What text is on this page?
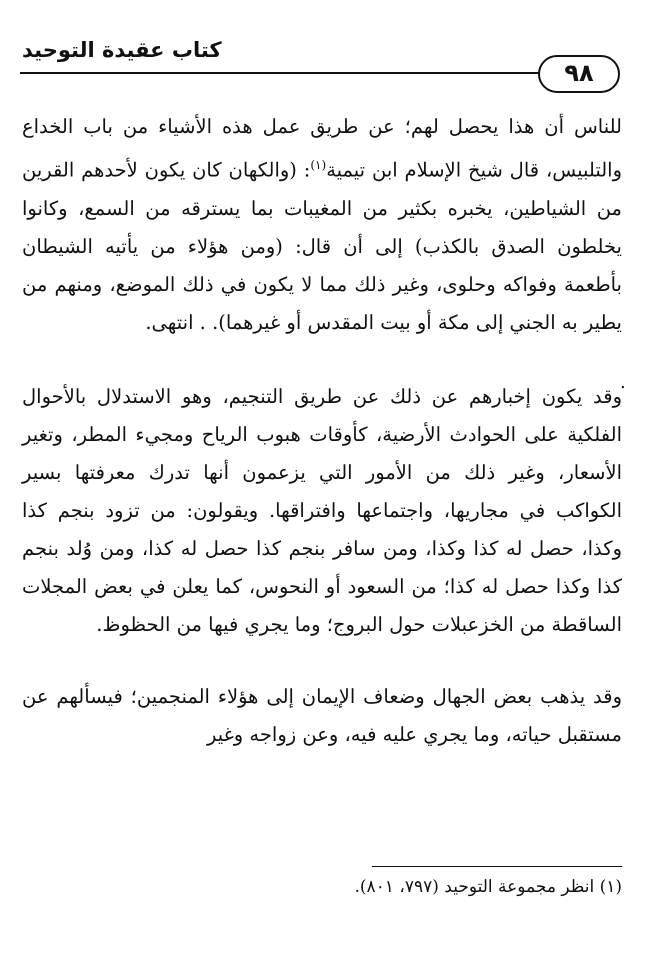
كتاب عقيدة التوحيد
٩٨

للناس أن هذا يحصل لهم؛ عن طريق عمل هذه الأشياء من باب الخداع والتلبيس، قال شيخ الإسلام ابن تيمية$^{(١)}$: (والكهان كان يكون لأحدهم القرين من الشياطين، يخبره بكثير من المغيبات بما يسترقه من السمع، وكانوا يخلطون الصدق بالكذب) إلى أن قال: (ومن هؤلاء من يأتيه الشيطان بأطعمة وفواكه وحلوى، وغير ذلك مما لا يكون في ذلك الموضع، ومنهم من يطير به الجني إلى مكة أو بيت المقدس أو غيرهما). . انتهى.

وقد يكون إخبارهم عن ذلك عن طريق التنجيم، وهو الاستدلال بالأحوال الفلكية على الحوادث الأرضية، كأوقات هبوب الرياح ومجيء المطر، وتغير الأسعار، وغير ذلك من الأمور التي يزعمون أنها تدرك معرفتها بسير الكواكب في مجاريها، واجتماعها وافتراقها. ويقولون: من تزود بنجم كذا وكذا، حصل له كذا وكذا، ومن سافر بنجم كذا حصل له كذا، ومن وُلد بنجم كذا وكذا حصل له كذا؛ من السعود أو النحوس، كما يعلن في بعض المجلات الساقطة من الخزعبلات حول البروج؛ وما يجري فيها من الحظوظ.

وقد يذهب بعض الجهال وضعاف الإيمان إلى هؤلاء المنجمين؛ فيسألهم عن مستقبل حياته، وما يجري عليه فيه، وعن زواجه وغير

.
(١) انظر مجموعة التوحيد (٧٩٧، ٨٠١).
